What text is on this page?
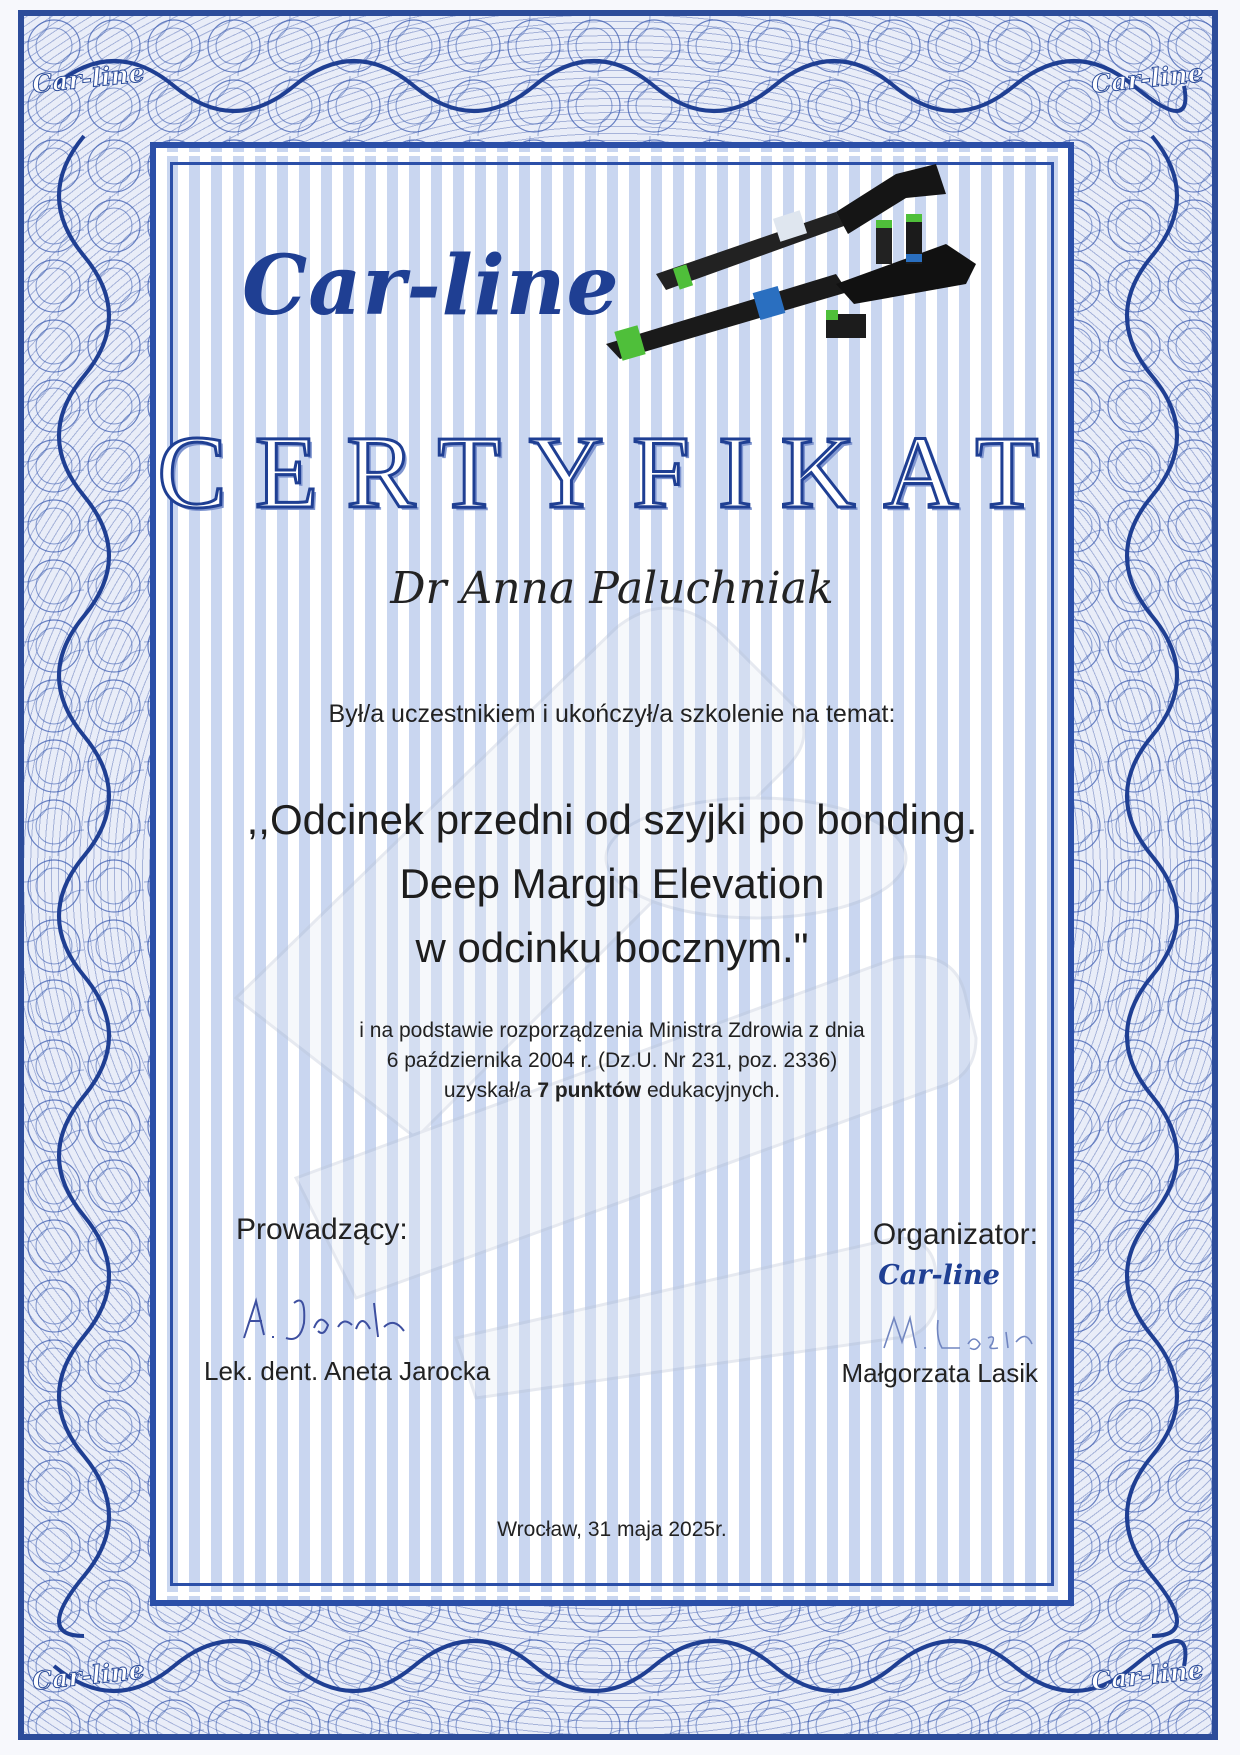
Car-line	Car-line
Car-line	Car-line
Car-line
CERTYFIKAT
Dr Anna Paluchniak
Był/a uczestnikiem i ukończył/a szkolenie na temat:
,,Odcinek przedni od szyjki po bonding.
Deep Margin Elevation
w odcinku bocznym."
i na podstawie rozporządzenia Ministra Zdrowia z dnia
6 października 2004 r. (Dz.U. Nr 231, poz. 2336)
uzyskał/a 7 punktów edukacyjnych.
Prowadzący:	Organizator:
Car-line
Lek. dent. Aneta Jarocka	Małgorzata Lasik
Wrocław, 31 maja 2025r.
